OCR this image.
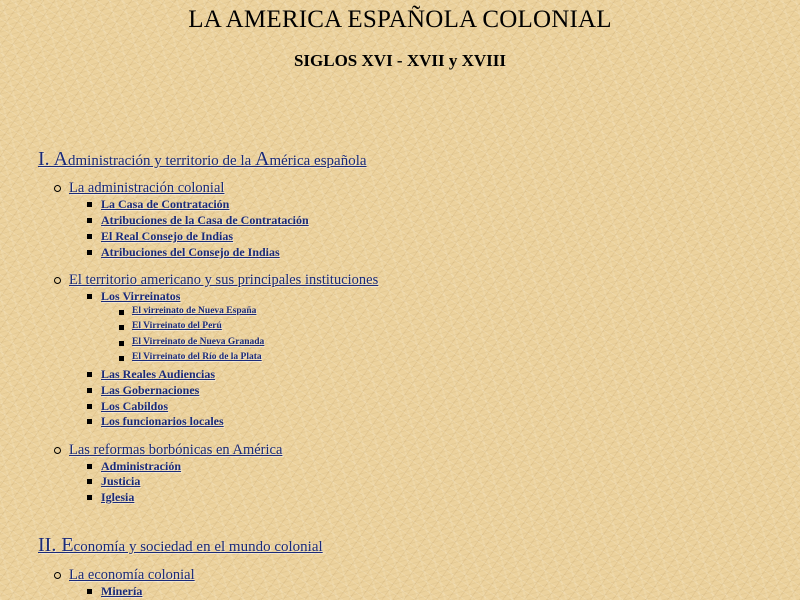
LA AMERICA ESPAÑOLA COLONIAL
SIGLOS XVI - XVII y XVIII
I. Administración y territorio de la América española
La administración colonial
La Casa de Contratación
Atribuciones de la Casa de Contratación
El Real Consejo de Indias
Atribuciones del Consejo de Indias
El territorio americano y sus principales instituciones
Los Virreinatos
El virreinato de Nueva España
El Virreinato del Perú
El Virreinato de Nueva Granada
El Virreinato del Río de la Plata
Las Reales Audiencias
Las Gobernaciones
Los Cabildos
Los funcionarios locales
Las reformas borbónicas en América
Administración
Justicia
Iglesia
II. Economía y sociedad en el mundo colonial
La economía colonial
Minería
